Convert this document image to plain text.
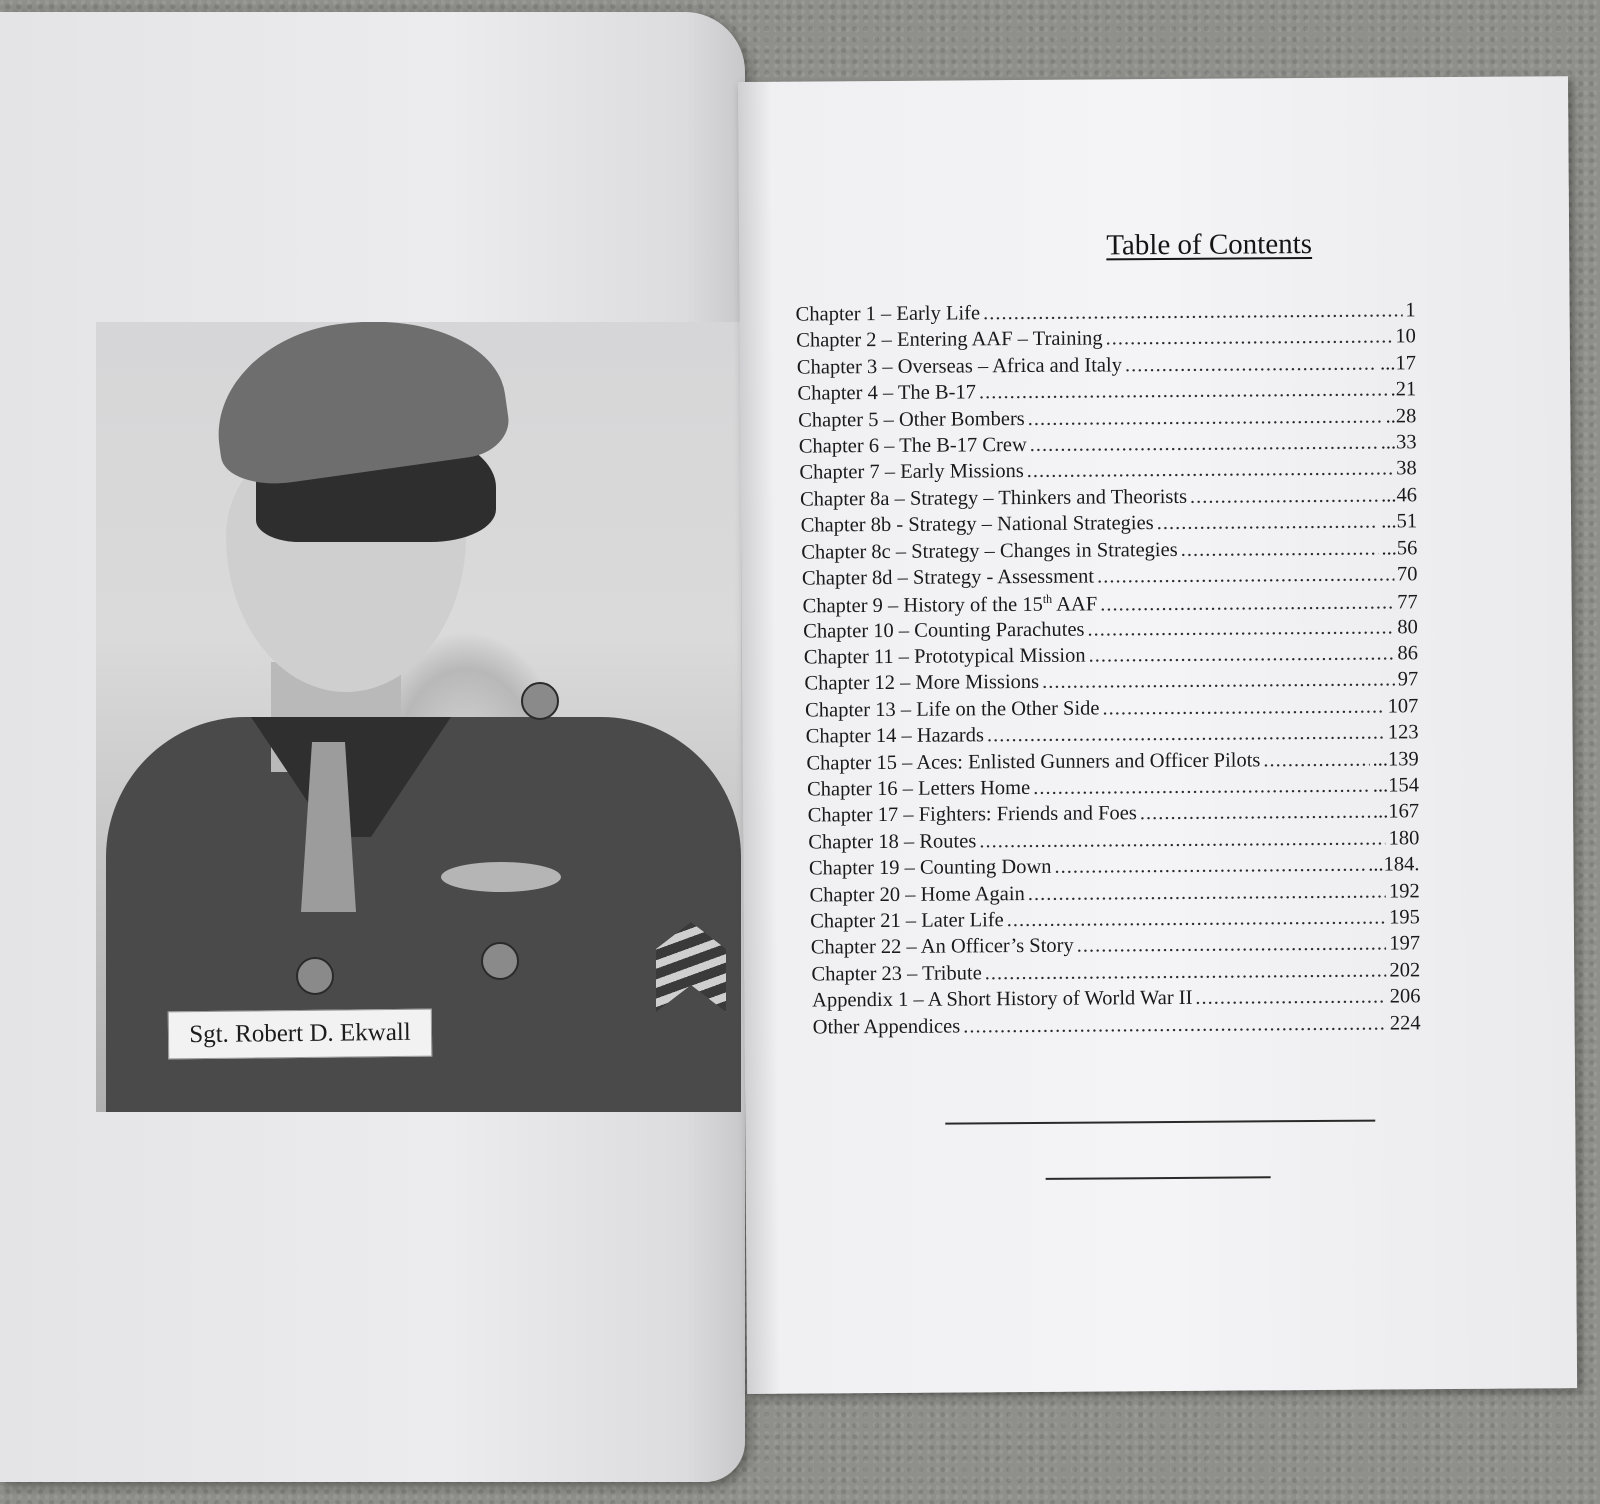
Sgt. Robert D. Ekwall
Table of Contents
Chapter 1 – Early Life .....	1
Chapter 2 – Entering AAF – Training .....	10
Chapter 3 – Overseas – Africa and Italy .....	...17
Chapter 4 – The B-17 .....	.21
Chapter 5 – Other Bombers .....	..28
Chapter 6 – The B-17 Crew .....	...33
Chapter 7 – Early Missions .....	38
Chapter 8a – Strategy – Thinkers and Theorists .....	...46
Chapter 8b - Strategy – National Strategies .....	...51
Chapter 8c – Strategy – Changes in Strategies .....	...56
Chapter 8d – Strategy - Assessment .....	70
Chapter 9 – History of the 15th AAF .....	77
Chapter 10 – Counting Parachutes .....	80
Chapter 11 – Prototypical Mission .....	86
Chapter 12 – More Missions .....	97
Chapter 13 – Life on the Other Side .....	107
Chapter 14 – Hazards .....	123
Chapter 15 – Aces: Enlisted Gunners and Officer Pilots .....	...139
Chapter 16 – Letters Home .....	...154
Chapter 17 – Fighters: Friends and Foes .....	...167
Chapter 18 – Routes .....	180
Chapter 19 – Counting Down .....	...184.
Chapter 20 – Home Again .....	192
Chapter 21 – Later Life .....	195
Chapter 22 – An Officer’s Story .....	197
Chapter 23 – Tribute .....	202
Appendix 1 – A Short History of World War II .....	206
Other Appendices .....	224
